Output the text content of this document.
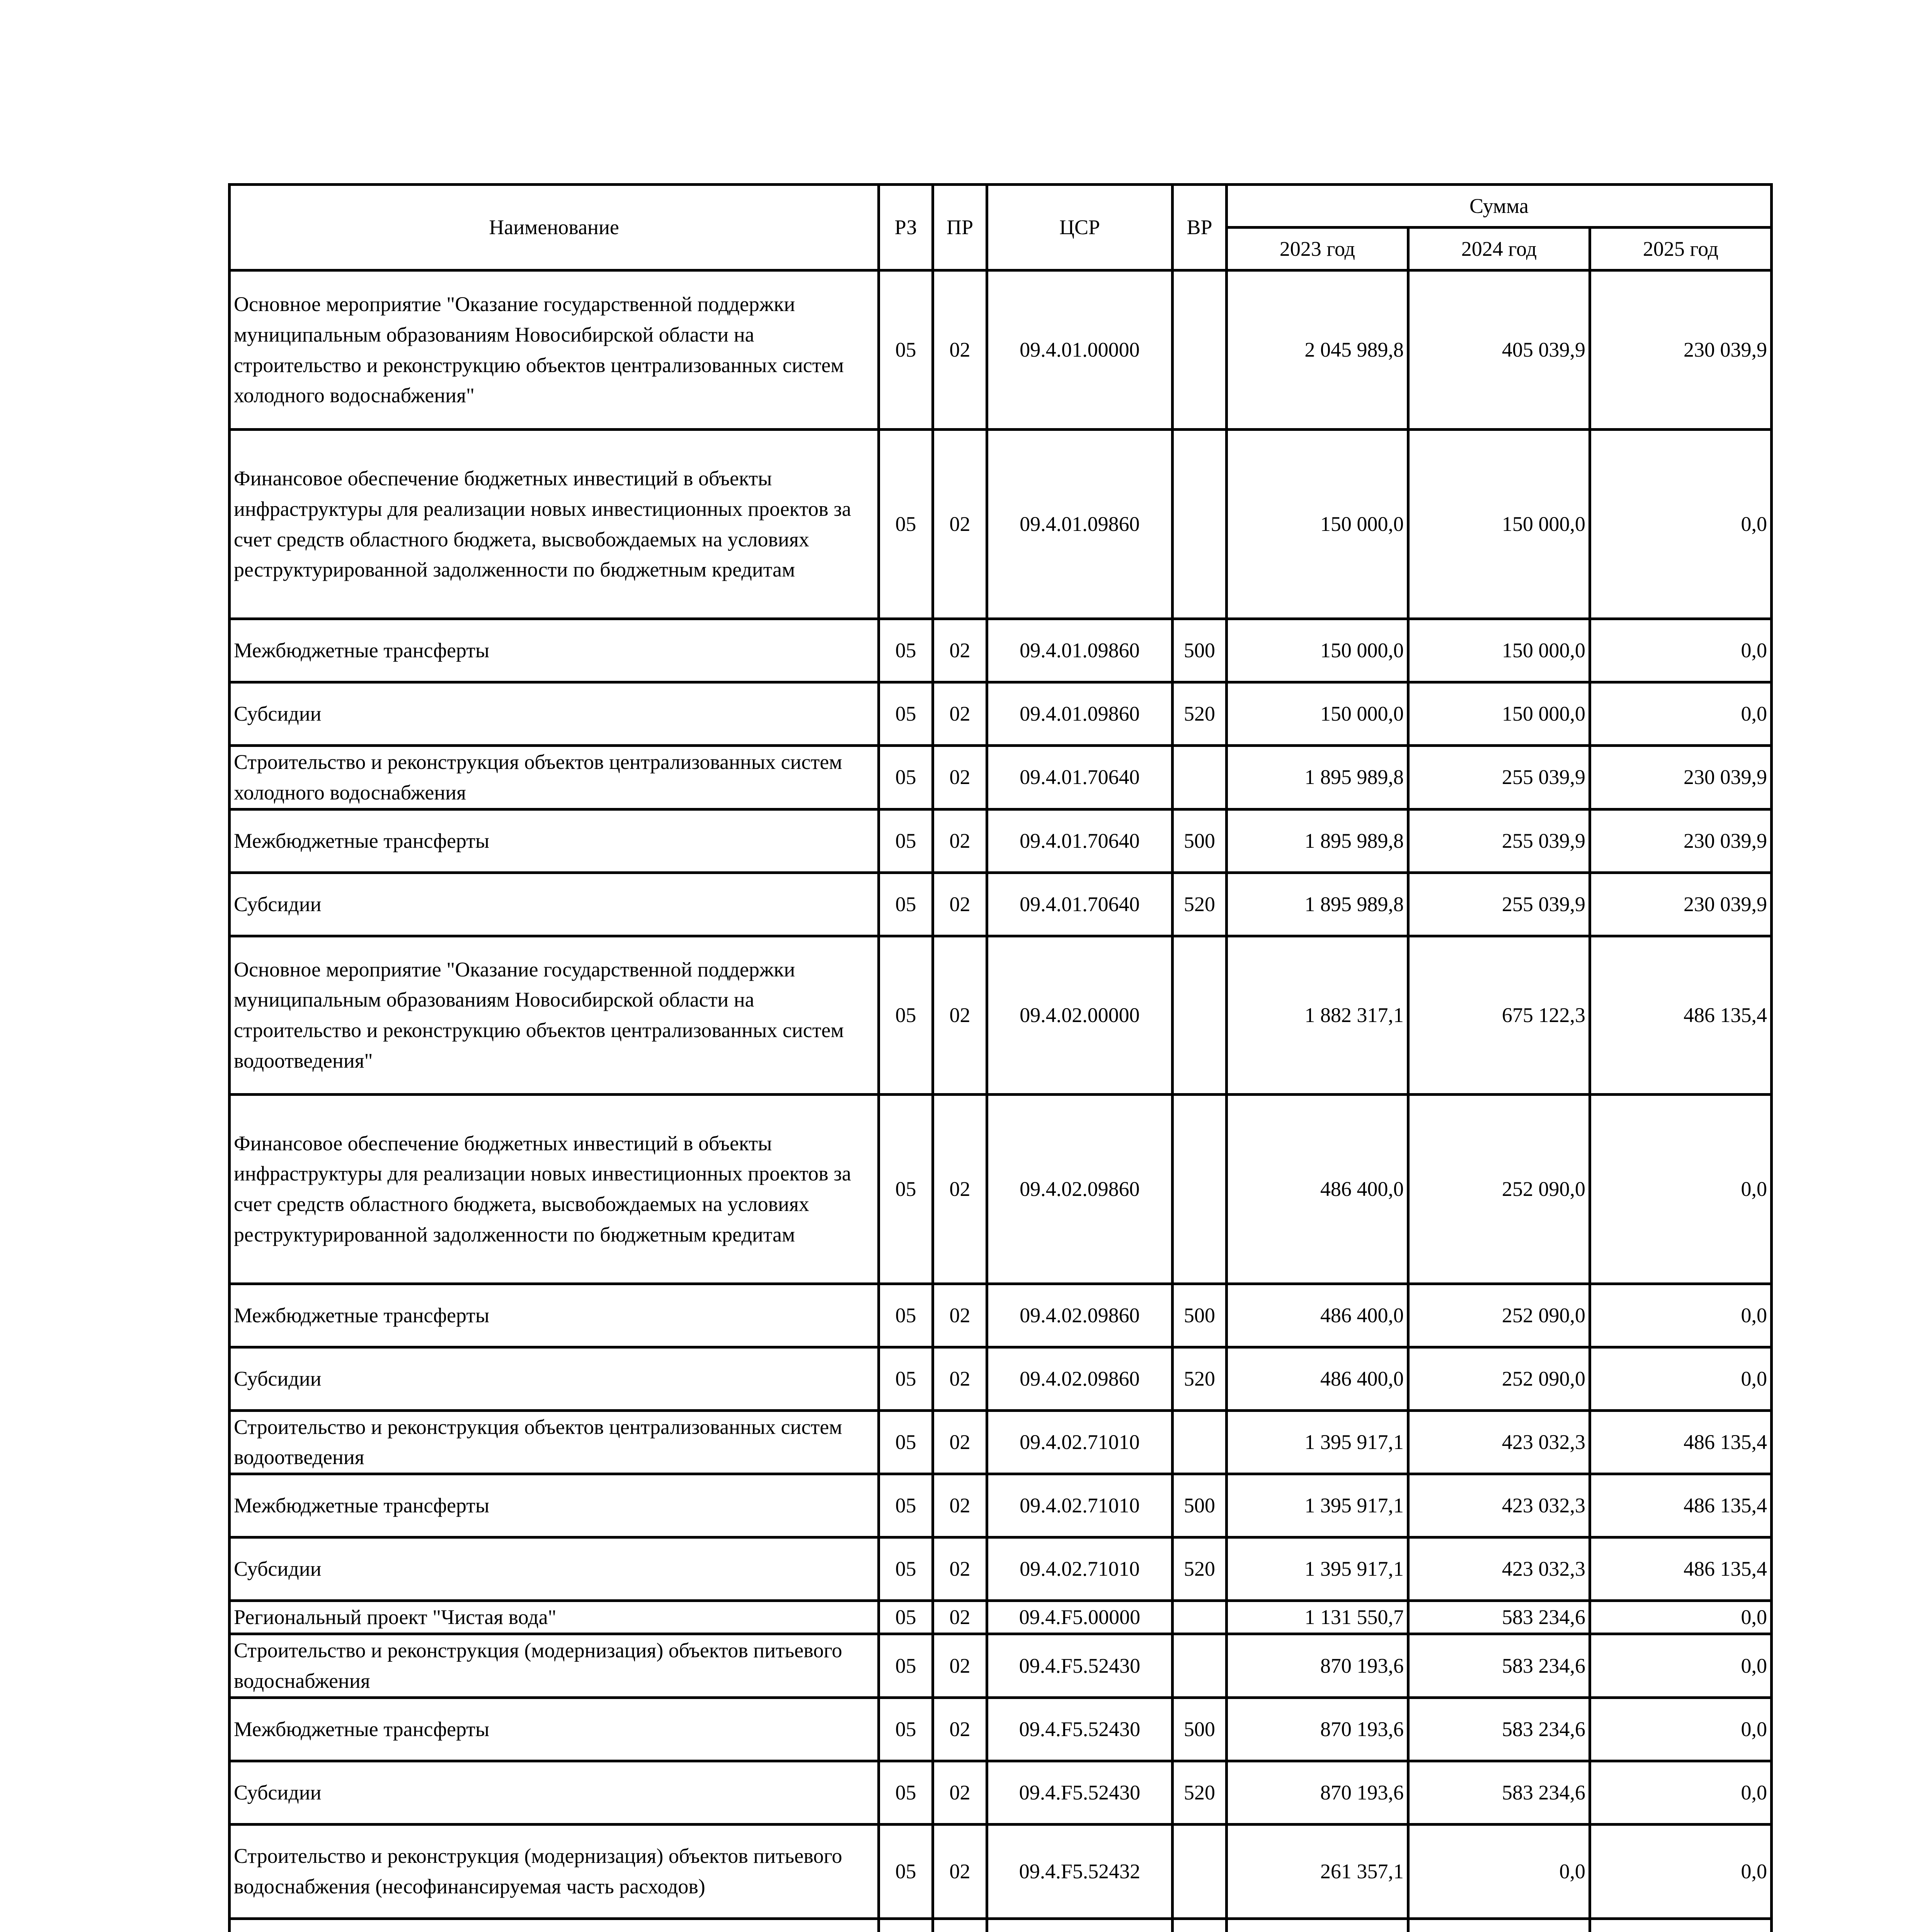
Наименование	РЗ	ПР	ЦСР	ВР	Сумма		
					2023 год	2024 год	2025 год
Основное мероприятие "Оказание государственной поддержки муниципальным образованиям Новосибирской области на строительство и реконструкцию объектов централизованных систем холодного водоснабжения"	05	02	09.4.01.00000		2 045 989,8	405 039,9	230 039,9
Финансовое обеспечение бюджетных инвестиций в объекты инфраструктуры для реализации новых инвестиционных проектов за счет средств областного бюджета, высвобождаемых на условиях реструктурированной задолженности по бюджетным кредитам	05	02	09.4.01.09860		150 000,0	150 000,0	0,0
Межбюджетные трансферты	05	02	09.4.01.09860	500	150 000,0	150 000,0	0,0
Субсидии	05	02	09.4.01.09860	520	150 000,0	150 000,0	0,0
Строительство и реконструкция объектов централизованных систем холодного водоснабжения	05	02	09.4.01.70640		1 895 989,8	255 039,9	230 039,9
Межбюджетные трансферты	05	02	09.4.01.70640	500	1 895 989,8	255 039,9	230 039,9
Субсидии	05	02	09.4.01.70640	520	1 895 989,8	255 039,9	230 039,9
Основное мероприятие "Оказание государственной поддержки муниципальным образованиям Новосибирской области на строительство и реконструкцию объектов централизованных систем водоотведения"	05	02	09.4.02.00000		1 882 317,1	675 122,3	486 135,4
Финансовое обеспечение бюджетных инвестиций в объекты инфраструктуры для реализации новых инвестиционных проектов за счет средств областного бюджета, высвобождаемых на условиях реструктурированной задолженности по бюджетным кредитам	05	02	09.4.02.09860		486 400,0	252 090,0	0,0
Межбюджетные трансферты	05	02	09.4.02.09860	500	486 400,0	252 090,0	0,0
Субсидии	05	02	09.4.02.09860	520	486 400,0	252 090,0	0,0
Строительство и реконструкция объектов централизованных систем водоотведения	05	02	09.4.02.71010		1 395 917,1	423 032,3	486 135,4
Межбюджетные трансферты	05	02	09.4.02.71010	500	1 395 917,1	423 032,3	486 135,4
Субсидии	05	02	09.4.02.71010	520	1 395 917,1	423 032,3	486 135,4
Региональный проект "Чистая вода"	05	02	09.4.F5.00000		1 131 550,7	583 234,6	0,0
Строительство и реконструкция (модернизация) объектов питьевого водоснабжения	05	02	09.4.F5.52430		870 193,6	583 234,6	0,0
Межбюджетные трансферты	05	02	09.4.F5.52430	500	870 193,6	583 234,6	0,0
Субсидии	05	02	09.4.F5.52430	520	870 193,6	583 234,6	0,0
Строительство и реконструкция (модернизация) объектов питьевого водоснабжения (несофинансируемая часть расходов)	05	02	09.4.F5.52432		261 357,1	0,0	0,0
